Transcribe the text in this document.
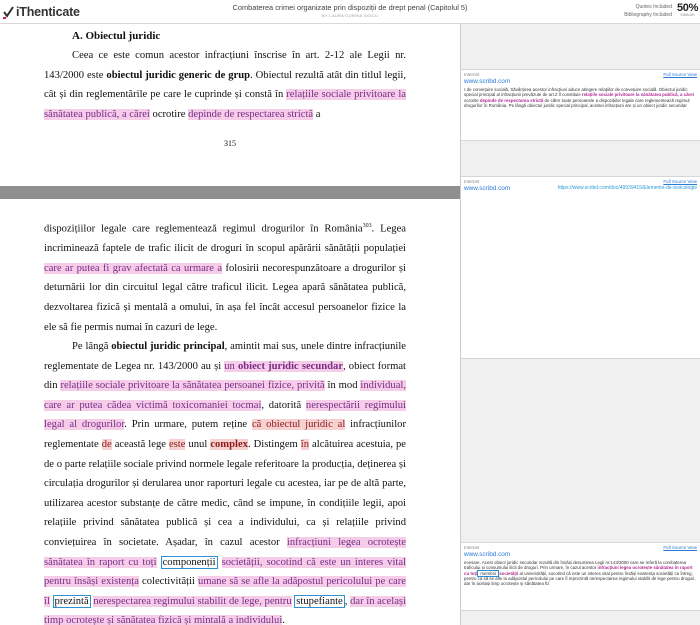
iThenticate	Combaterea crimei organizate prin dispoziții de drept penal (Capitolul 5)
BY LAURA CORINA VOICU
Quotes Included
Bibliography Included
50%
SIMILAR
A. Obiectul juridic

Ceea ce este comun acestor infracțiuni înscrise în art. 2-12 ale Legii nr. 143/2000 este obiectul juridic generic de grup. Obiectul rezultă atât din titlul legii, cât și din reglementările pe care le cuprinde și constă în relațiile sociale privitoare la sănătatea publică, a cărei ocrotire depinde de respectarea strictă a

315

dispozițiilor legale care reglementează regimul drogurilor în România$^{303}$. Legea incriminează faptele de trafic ilicit de droguri în scopul apărării sănătății populației care ar putea fi grav afectată ca urmare a folosirii necorespunzătoare a drogurilor și deturnării lor din circuitul legal către traficul ilicit. Legea apară sănătatea publică, dezvoltarea fizică și mentală a omului, în așa fel încât accesul persoanelor fizice la ele să fie permis numai în cazuri de lege.

Pe lângă obiectul juridic principal, amintit mai sus, unele dintre infracțiunile reglementate de Legea nr. 143/2000 au și un obiect juridic secundar, obiect format din relațiile sociale privitoare la sănătatea persoanei fizice, privită în mod individual, care ar putea cădea victimă toxicomaniei tocmai, datorită nerespectării regimului legal al drogurilor. Prin urmare, putem reține că obiectul juridic al infracțiunilor reglementate de această lege este unul complex. Distingem în alcătuirea acestuia, pe de o parte relațiile sociale privind normele legale referitoare la producția, deținerea și circulația drogurilor și derularea unor raporturi legale cu acestea, iar pe de altă parte, utilizarea acestor substanțe de către medic, când se impune, în condițiile legii, apoi relațiile privind sănătatea publică și cea a individului, ca și relațiile privind conviețuirea în societate. Așadar, în cazul acestor infracțiuni legea ocrotește sănătatea în raport cu toți componenții societății, socotind că este un interes vital pentru însăși existența colectivității umane să se afle la adăpostul pericolului pe care îl prezintă nerespectarea regimului stabilit de lege, pentru stupefiante , dar în același timp ocrotește și sănătatea fizică și mintală a individului.

Internet	Full Source View
www.scribd.com
r de convețuire socială, Săvârșirea acestor infracțiuni aduce atingere relațiilor de convețuire socială. Obiectul juridic special principal al infracțiunii prevăzute de art.2 îl constituie relațiile sociale privitoare la sănătatea publică, a cărei ocrotire depinde de respectarea strictă de către toate persoanele a dispozițiilor legale care reglementează regimul drogurilor în România. Pe lângă obiectul juridic special principal, acestei infracțiuni are și un obiect juridic secundar
Internet	Full Source View
www.scribd.com	https://www.scribd.com/doc/49939415/Elemente-de-toxicologie
Internet	Full Source View
www.scribd.com
ecesare. Acest obiect juridic secundar rezultă din însăși denumirea Legii nr.143/2000 care se referă la combaterea traficului și consumului ilicit de droguri. Prin urmare, în cazul acestor infracțiuni legea ocrotește sănătatea în raport cu toți membrii societății al universității, socotind că este un interes vital pentru însăși existența societății ca întreg, pentru ca să se afle la adăpostul pericolului pe care îl reprezintă nerespectarea regimului stabilit de lege pentru droguri, dar în același timp ocrotește și sănătatea fiz
